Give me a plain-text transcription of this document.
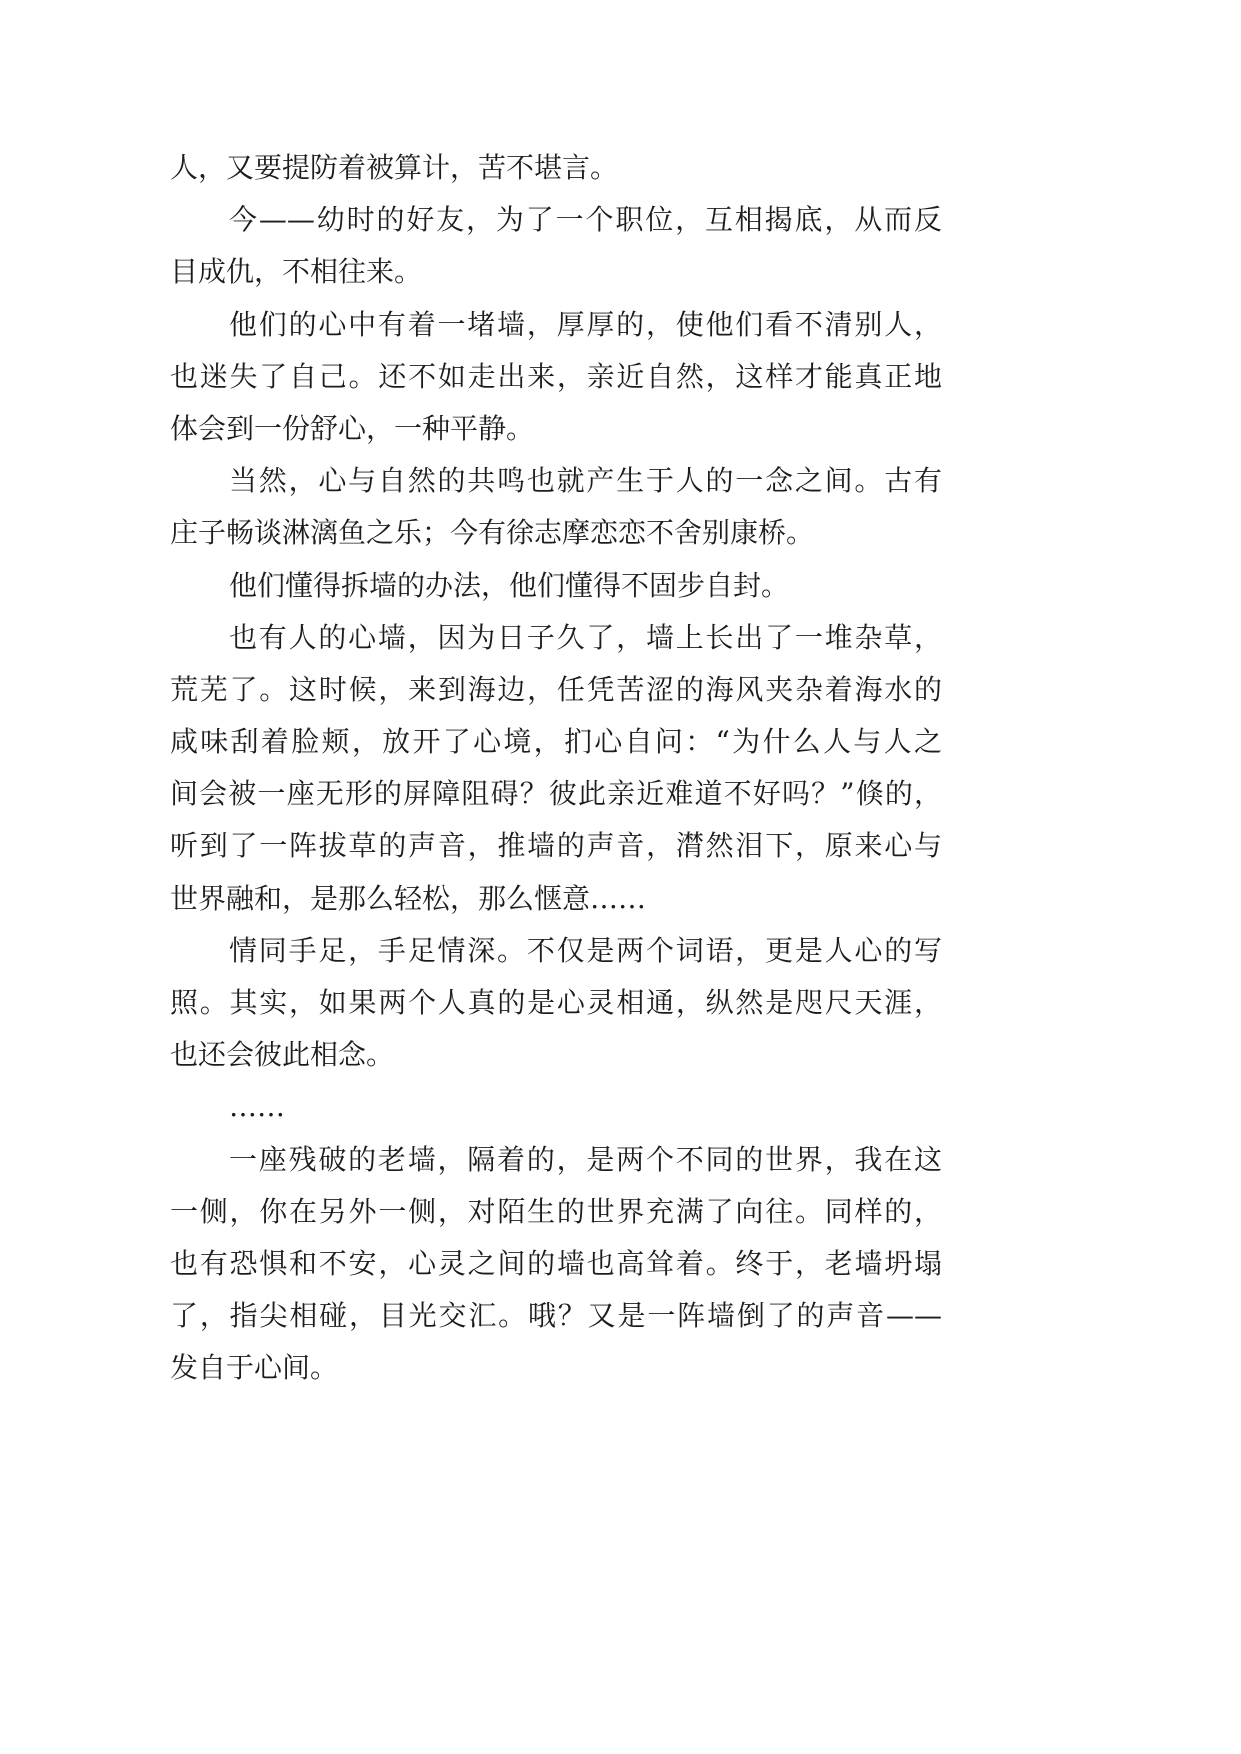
人，又要提防着被算计，苦不堪言。
今——幼时的好友，为了一个职位，互相揭底，从而反
目成仇，不相往来。
他们的心中有着一堵墙，厚厚的，使他们看不清别人，
也迷失了自己。还不如走出来，亲近自然，这样才能真正地
体会到一份舒心，一种平静。
当然，心与自然的共鸣也就产生于人的一念之间。古有
庄子畅谈淋漓鱼之乐；今有徐志摩恋恋不舍别康桥。
他们懂得拆墙的办法，他们懂得不固步自封。
也有人的心墙，因为日子久了，墙上长出了一堆杂草，
荒芜了。这时候，来到海边，任凭苦涩的海风夹杂着海水的
咸味刮着脸颊，放开了心境，扪心自问：“为什么人与人之
间会被一座无形的屏障阻碍？彼此亲近难道不好吗？”倏的，
听到了一阵拔草的声音，推墙的声音，潸然泪下，原来心与
世界融和，是那么轻松，那么惬意……
情同手足，手足情深。不仅是两个词语，更是人心的写
照。其实，如果两个人真的是心灵相通，纵然是咫尺天涯，
也还会彼此相念。
……
一座残破的老墙，隔着的，是两个不同的世界，我在这
一侧，你在另外一侧，对陌生的世界充满了向往。同样的，
也有恐惧和不安，心灵之间的墙也高耸着。终于，老墙坍塌
了，指尖相碰，目光交汇。哦？又是一阵墙倒了的声音——
发自于心间。
